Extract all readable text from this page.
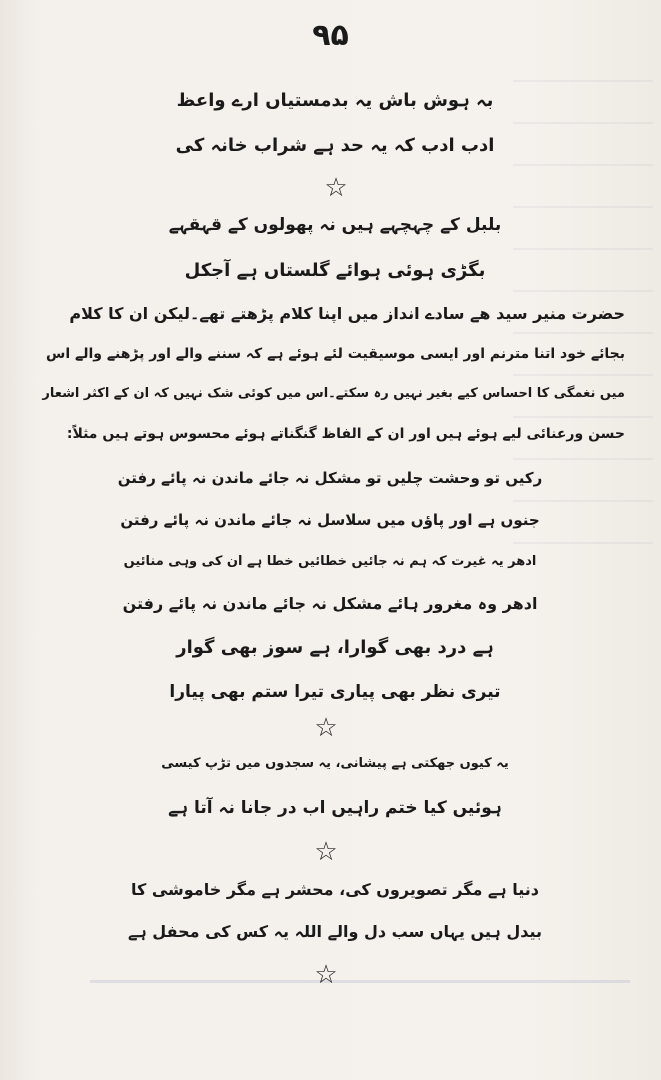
۹۵
بہ ہوش باش یہ بدمستیاں ارے واعظ
ادب ادب کہ یہ حد ہے شراب خانہ کی
☆
بلبل کے چہچہے ہیں نہ پھولوں کے قہقہے
بگڑی ہوئی ہوائے گلستاں ہے آجکل
حضرت منیر سید ھے سادے انداز میں اپنا کلام پڑھتے تھے۔لیکن ان کا کلام
بجائے خود اتنا مترنم اور ایسی موسیقیت لئے ہوئے ہے کہ سننے والے اور پڑھنے والے اس
میں نغمگی کا احساس کیے بغیر نہیں رہ سکتے۔اس میں کوئی شک نہیں کہ ان کے اکثر اشعار
حسن ورعنائی لیے ہوئے ہیں اور ان کے الفاظ گنگناتے ہوئے محسوس ہوتے ہیں مثلاً:
رکیں تو وحشت چلیں تو مشکل نہ جائے ماندن نہ پائے رفتن
جنوں ہے اور پاؤں میں سلاسل نہ جائے ماندن نہ پائے رفتن
ادھر یہ غیرت کہ ہم نہ جائیں خطائیں خطا ہے ان کی وہی منائیں
ادھر وہ مغرور ہائے مشکل نہ جائے ماندن نہ پائے رفتن
ہے درد بھی گوارا، ہے سوز بھی گوار
تیری نظر بھی پیاری تیرا ستم بھی پیارا
☆
یہ کیوں جھکتی ہے پیشانی، یہ سجدوں میں تڑپ کیسی
ہوئیں کیا ختم راہیں اب در جانا نہ آتا ہے
☆
دنیا ہے مگر تصویروں کی، محشر ہے مگر خاموشی کا
بیدل ہیں یہاں سب دل والے اللہ یہ کس کی محفل ہے
☆
